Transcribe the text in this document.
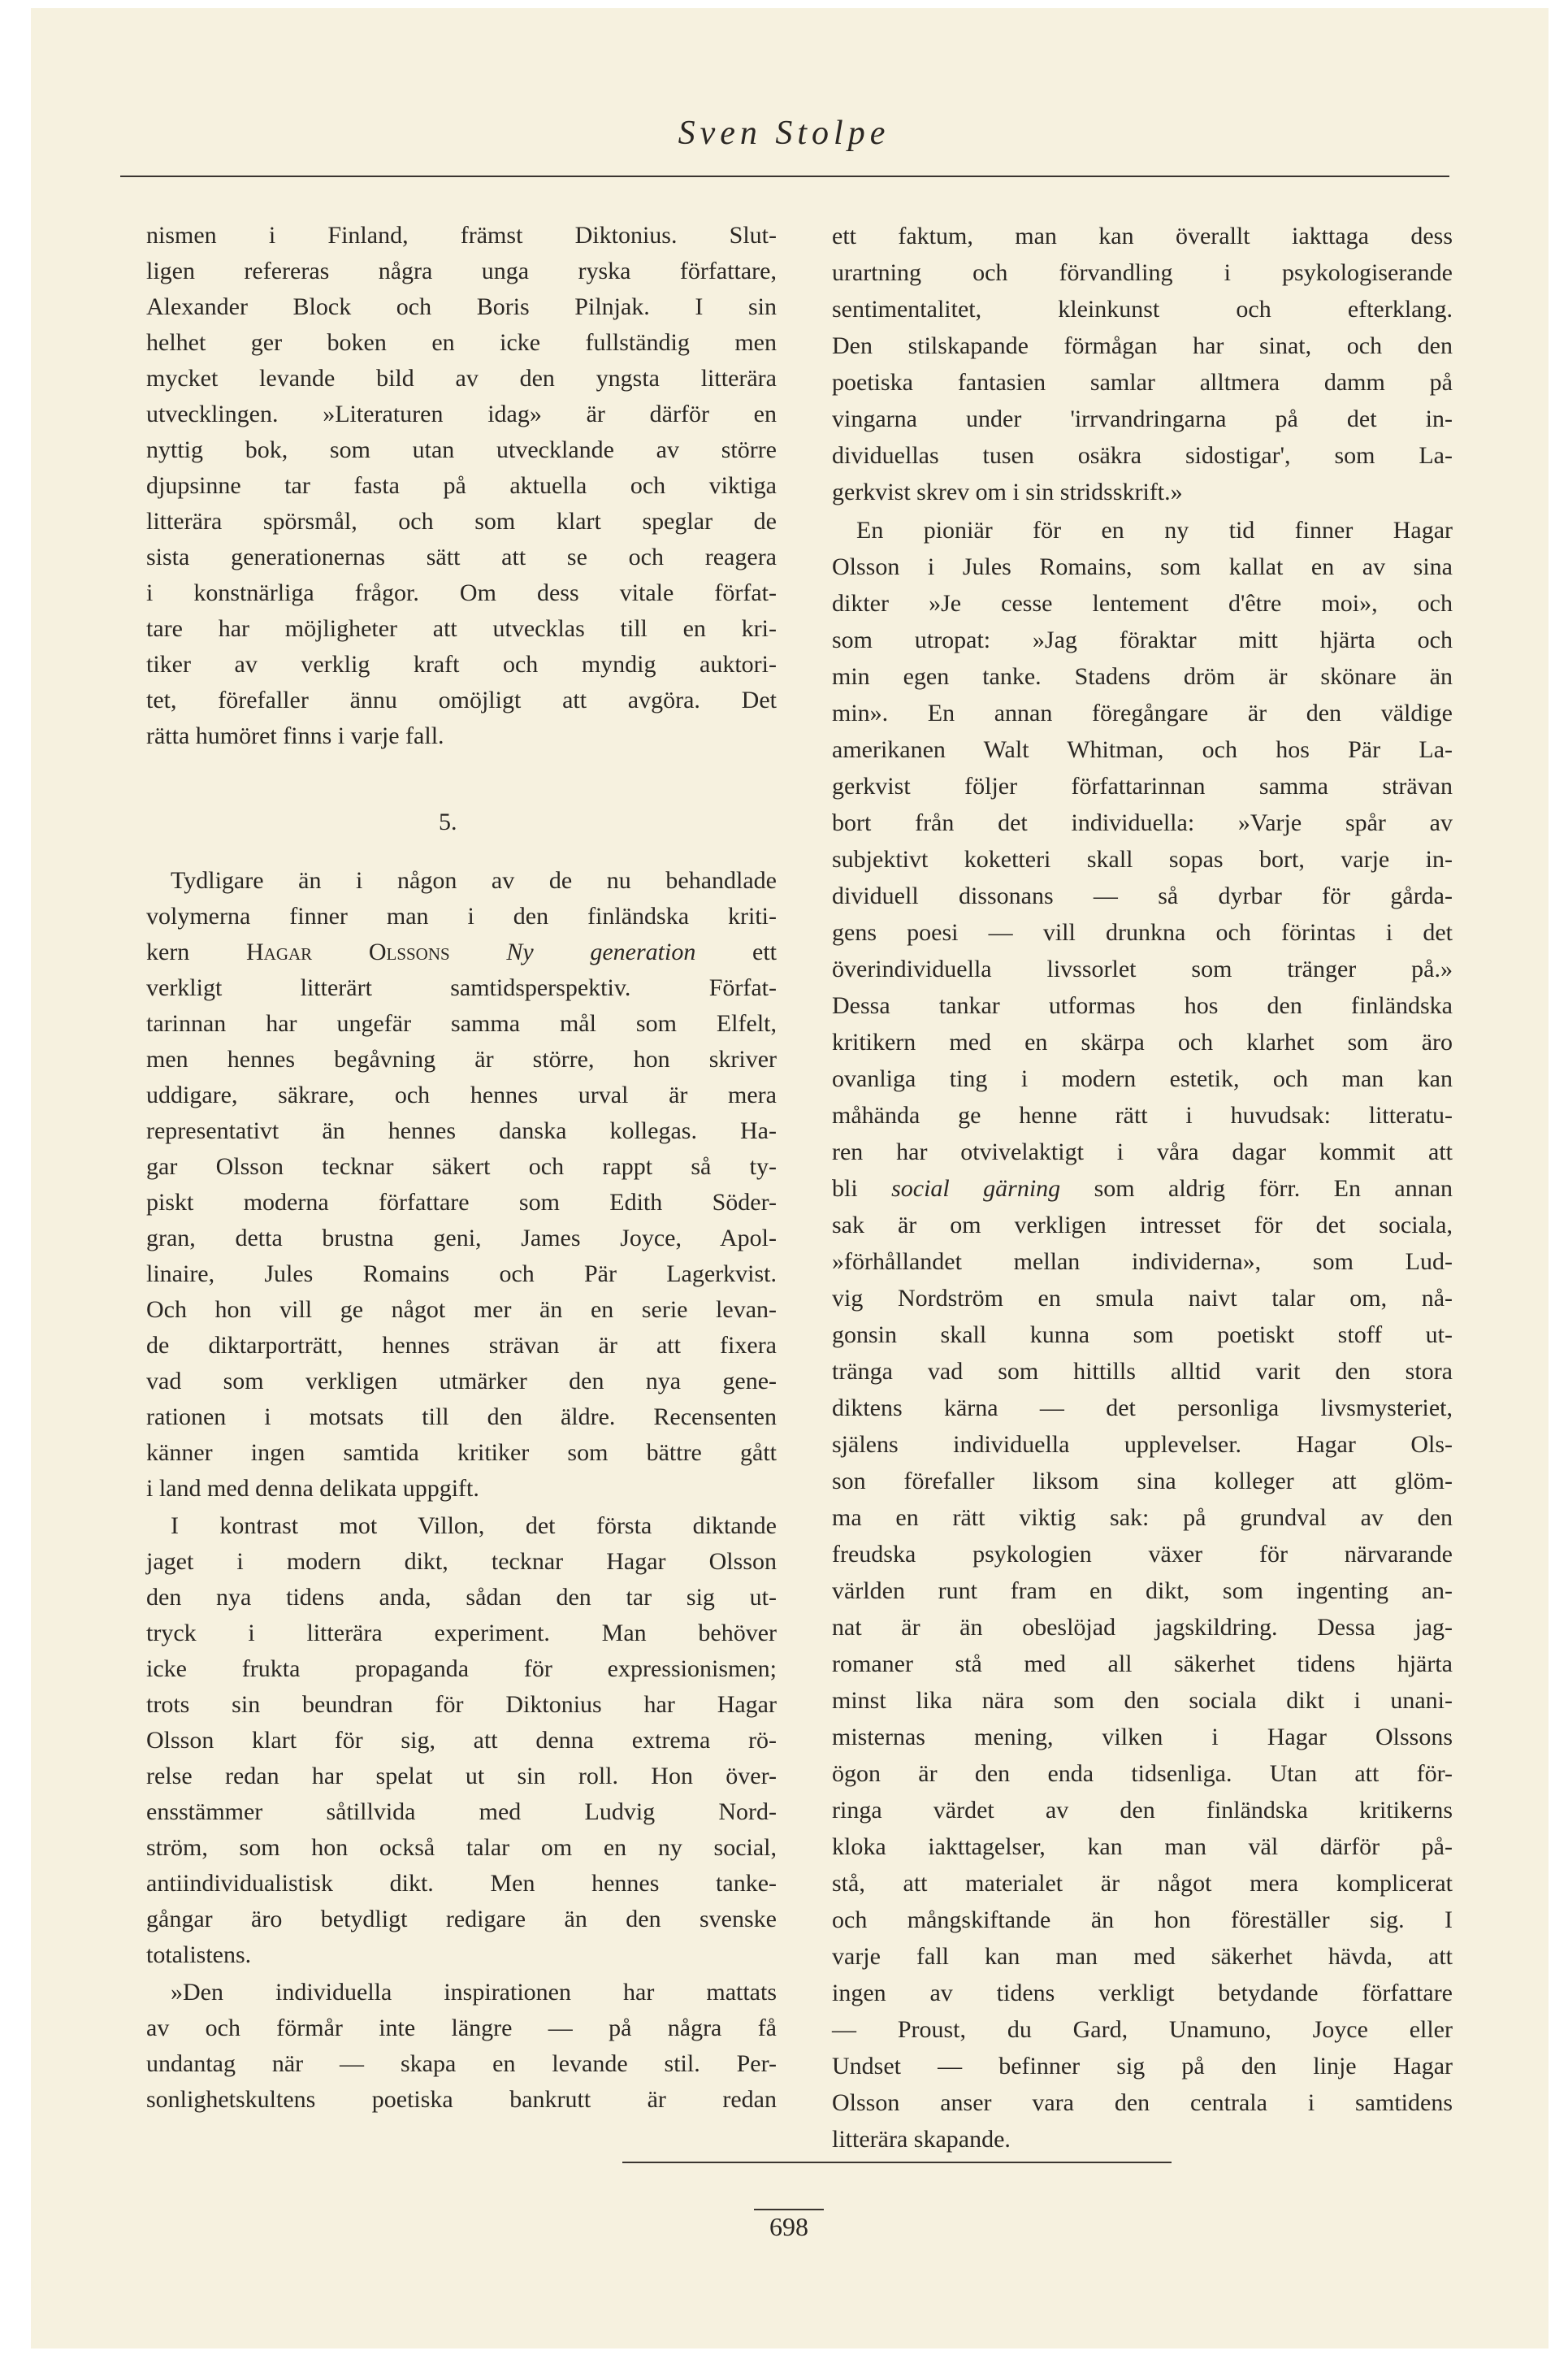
Sven Stolpe
nismen i Finland, främst Diktonius. Slut-
ligen refereras några unga ryska författare,
Alexander Block och Boris Pilnjak. I sin
helhet ger boken en icke fullständig men
mycket levande bild av den yngsta litterära
utvecklingen. »Literaturen idag» är därför en
nyttig bok, som utan utvecklande av större
djupsinne tar fasta på aktuella och viktiga
litterära spörsmål, och som klart speglar de
sista generationernas sätt att se och reagera
i konstnärliga frågor. Om dess vitale förfat-
tare har möjligheter att utvecklas till en kri-
tiker av verklig kraft och myndig auktori-
tet, förefaller ännu omöjligt att avgöra. Det
rätta humöret finns i varje fall.
5.
Tydligare än i någon av de nu behandlade
volymerna finner man i den finländska kriti-
kern Hagar Olssons Ny generation ett
verkligt litterärt samtidsperspektiv. Förfat-
tarinnan har ungefär samma mål som Elfelt,
men hennes begåvning är större, hon skriver
uddigare, säkrare, och hennes urval är mera
representativt än hennes danska kollegas. Ha-
gar Olsson tecknar säkert och rappt så ty-
piskt moderna författare som Edith Söder-
gran, detta brustna geni, James Joyce, Apol-
linaire, Jules Romains och Pär Lagerkvist.
Och hon vill ge något mer än en serie levan-
de diktarporträtt, hennes strävan är att fixera
vad som verkligen utmärker den nya gene-
rationen i motsats till den äldre. Recensenten
känner ingen samtida kritiker som bättre gått
i land med denna delikata uppgift.
I kontrast mot Villon, det första diktande
jaget i modern dikt, tecknar Hagar Olsson
den nya tidens anda, sådan den tar sig ut-
tryck i litterära experiment. Man behöver
icke frukta propaganda för expressionismen;
trots sin beundran för Diktonius har Hagar
Olsson klart för sig, att denna extrema rö-
relse redan har spelat ut sin roll. Hon över-
ensstämmer såtillvida med Ludvig Nord-
ström, som hon också talar om en ny social,
antiindividualistisk dikt. Men hennes tanke-
gångar äro betydligt redigare än den svenske
totalistens.
»Den individuella inspirationen har mattats
av och förmår inte längre — på några få
undantag när — skapa en levande stil. Per-
sonlighetskultens poetiska bankrutt är redan
ett faktum, man kan överallt iakttaga dess
urartning och förvandling i psykologiserande
sentimentalitet, kleinkunst och efterklang.
Den stilskapande förmågan har sinat, och den
poetiska fantasien samlar alltmera damm på
vingarna under 'irrvandringarna på det in-
dividuellas tusen osäkra sidostigar', som La-
gerkvist skrev om i sin stridsskrift.»
En pioniär för en ny tid finner Hagar
Olsson i Jules Romains, som kallat en av sina
dikter »Je cesse lentement d'être moi», och
som utropat: »Jag föraktar mitt hjärta och
min egen tanke. Stadens dröm är skönare än
min». En annan föregångare är den väldige
amerikanen Walt Whitman, och hos Pär La-
gerkvist följer författarinnan samma strävan
bort från det individuella: »Varje spår av
subjektivt koketteri skall sopas bort, varje in-
dividuell dissonans — så dyrbar för gårda-
gens poesi — vill drunkna och förintas i det
överindividuella livssorlet som tränger på.»
Dessa tankar utformas hos den finländska
kritikern med en skärpa och klarhet som äro
ovanliga ting i modern estetik, och man kan
måhända ge henne rätt i huvudsak: litteratu-
ren har otvivelaktigt i våra dagar kommit att
bli social gärning som aldrig förr. En annan
sak är om verkligen intresset för det sociala,
»förhållandet mellan individerna», som Lud-
vig Nordström en smula naivt talar om, nå-
gonsin skall kunna som poetiskt stoff ut-
tränga vad som hittills alltid varit den stora
diktens kärna — det personliga livsmysteriet,
själens individuella upplevelser. Hagar Ols-
son förefaller liksom sina kolleger att glöm-
ma en rätt viktig sak: på grundval av den
freudska psykologien växer för närvarande
världen runt fram en dikt, som ingenting an-
nat är än obeslöjad jagskildring. Dessa jag-
romaner stå med all säkerhet tidens hjärta
minst lika nära som den sociala dikt i unani-
misternas mening, vilken i Hagar Olssons
ögon är den enda tidsenliga. Utan att för-
ringa värdet av den finländska kritikerns
kloka iakttagelser, kan man väl därför på-
stå, att materialet är något mera komplicerat
och mångskiftande än hon föreställer sig. I
varje fall kan man med säkerhet hävda, att
ingen av tidens verkligt betydande författare
— Proust, du Gard, Unamuno, Joyce eller
Undset — befinner sig på den linje Hagar
Olsson anser vara den centrala i samtidens
litterära skapande.
698
